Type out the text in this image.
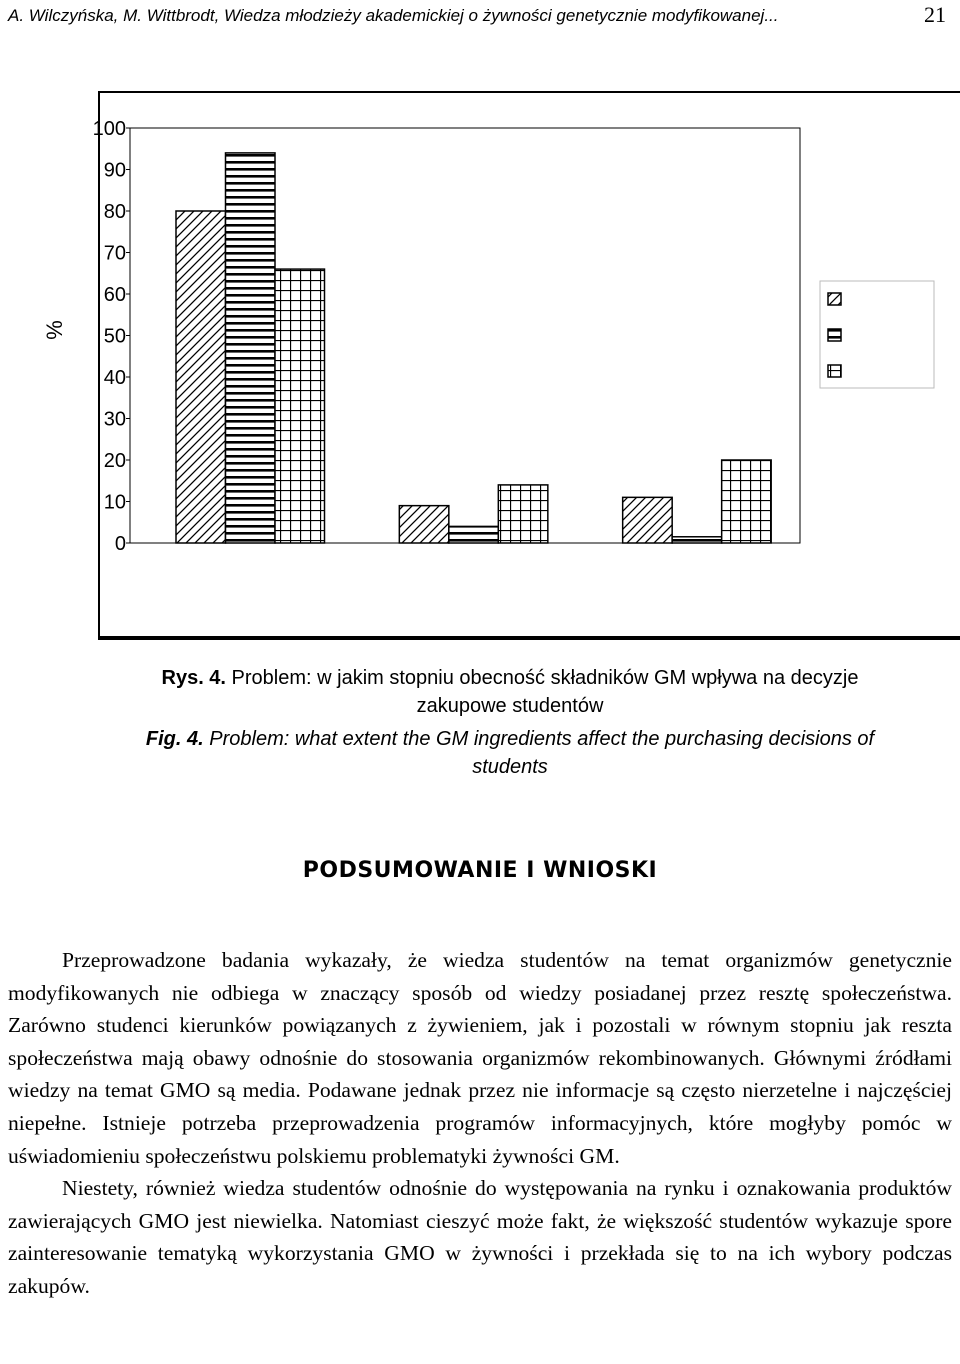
A. Wilczyńska, M. Wittbrodt, Wiedza młodzieży akademickiej o żywności genetycznie modyfikowanej...	21
%
100
90
80
70
60
50
40
30
20
10
0
Rys. 4. Problem: w jakim stopniu obecność składników GM wpływa na decyzje zakupowe studentów
Fig. 4. Problem: what extent the GM ingredients affect the purchasing decisions of students
PODSUMOWANIE I WNIOSKI

Przeprowadzone badania wykazały, że wiedza studentów na temat organizmów genetycznie modyfikowanych nie odbiega w znaczący sposób od wiedzy posiadanej przez resztę społeczeństwa. Zarówno studenci kierunków powiązanych z żywieniem, jak i pozostali w równym stopniu jak reszta społeczeństwa mają obawy odnośnie do stosowania organizmów rekombinowanych. Głównymi źródłami wiedzy na temat GMO są media. Podawane jednak przez nie informacje są często nierzetelne i najczęściej niepełne. Istnieje potrzeba przeprowadzenia programów informacyjnych, które mogłyby pomóc w uświadomieniu społeczeństwu polskiemu problematyki żywności GM.

Niestety, również wiedza studentów odnośnie do występowania na rynku i oznakowania produktów zawierających GMO jest niewielka. Natomiast cieszyć może fakt, że większość studentów wykazuje spore zainteresowanie tematyką wykorzystania GMO w żywności i przekłada się to na ich wybory podczas zakupów.
